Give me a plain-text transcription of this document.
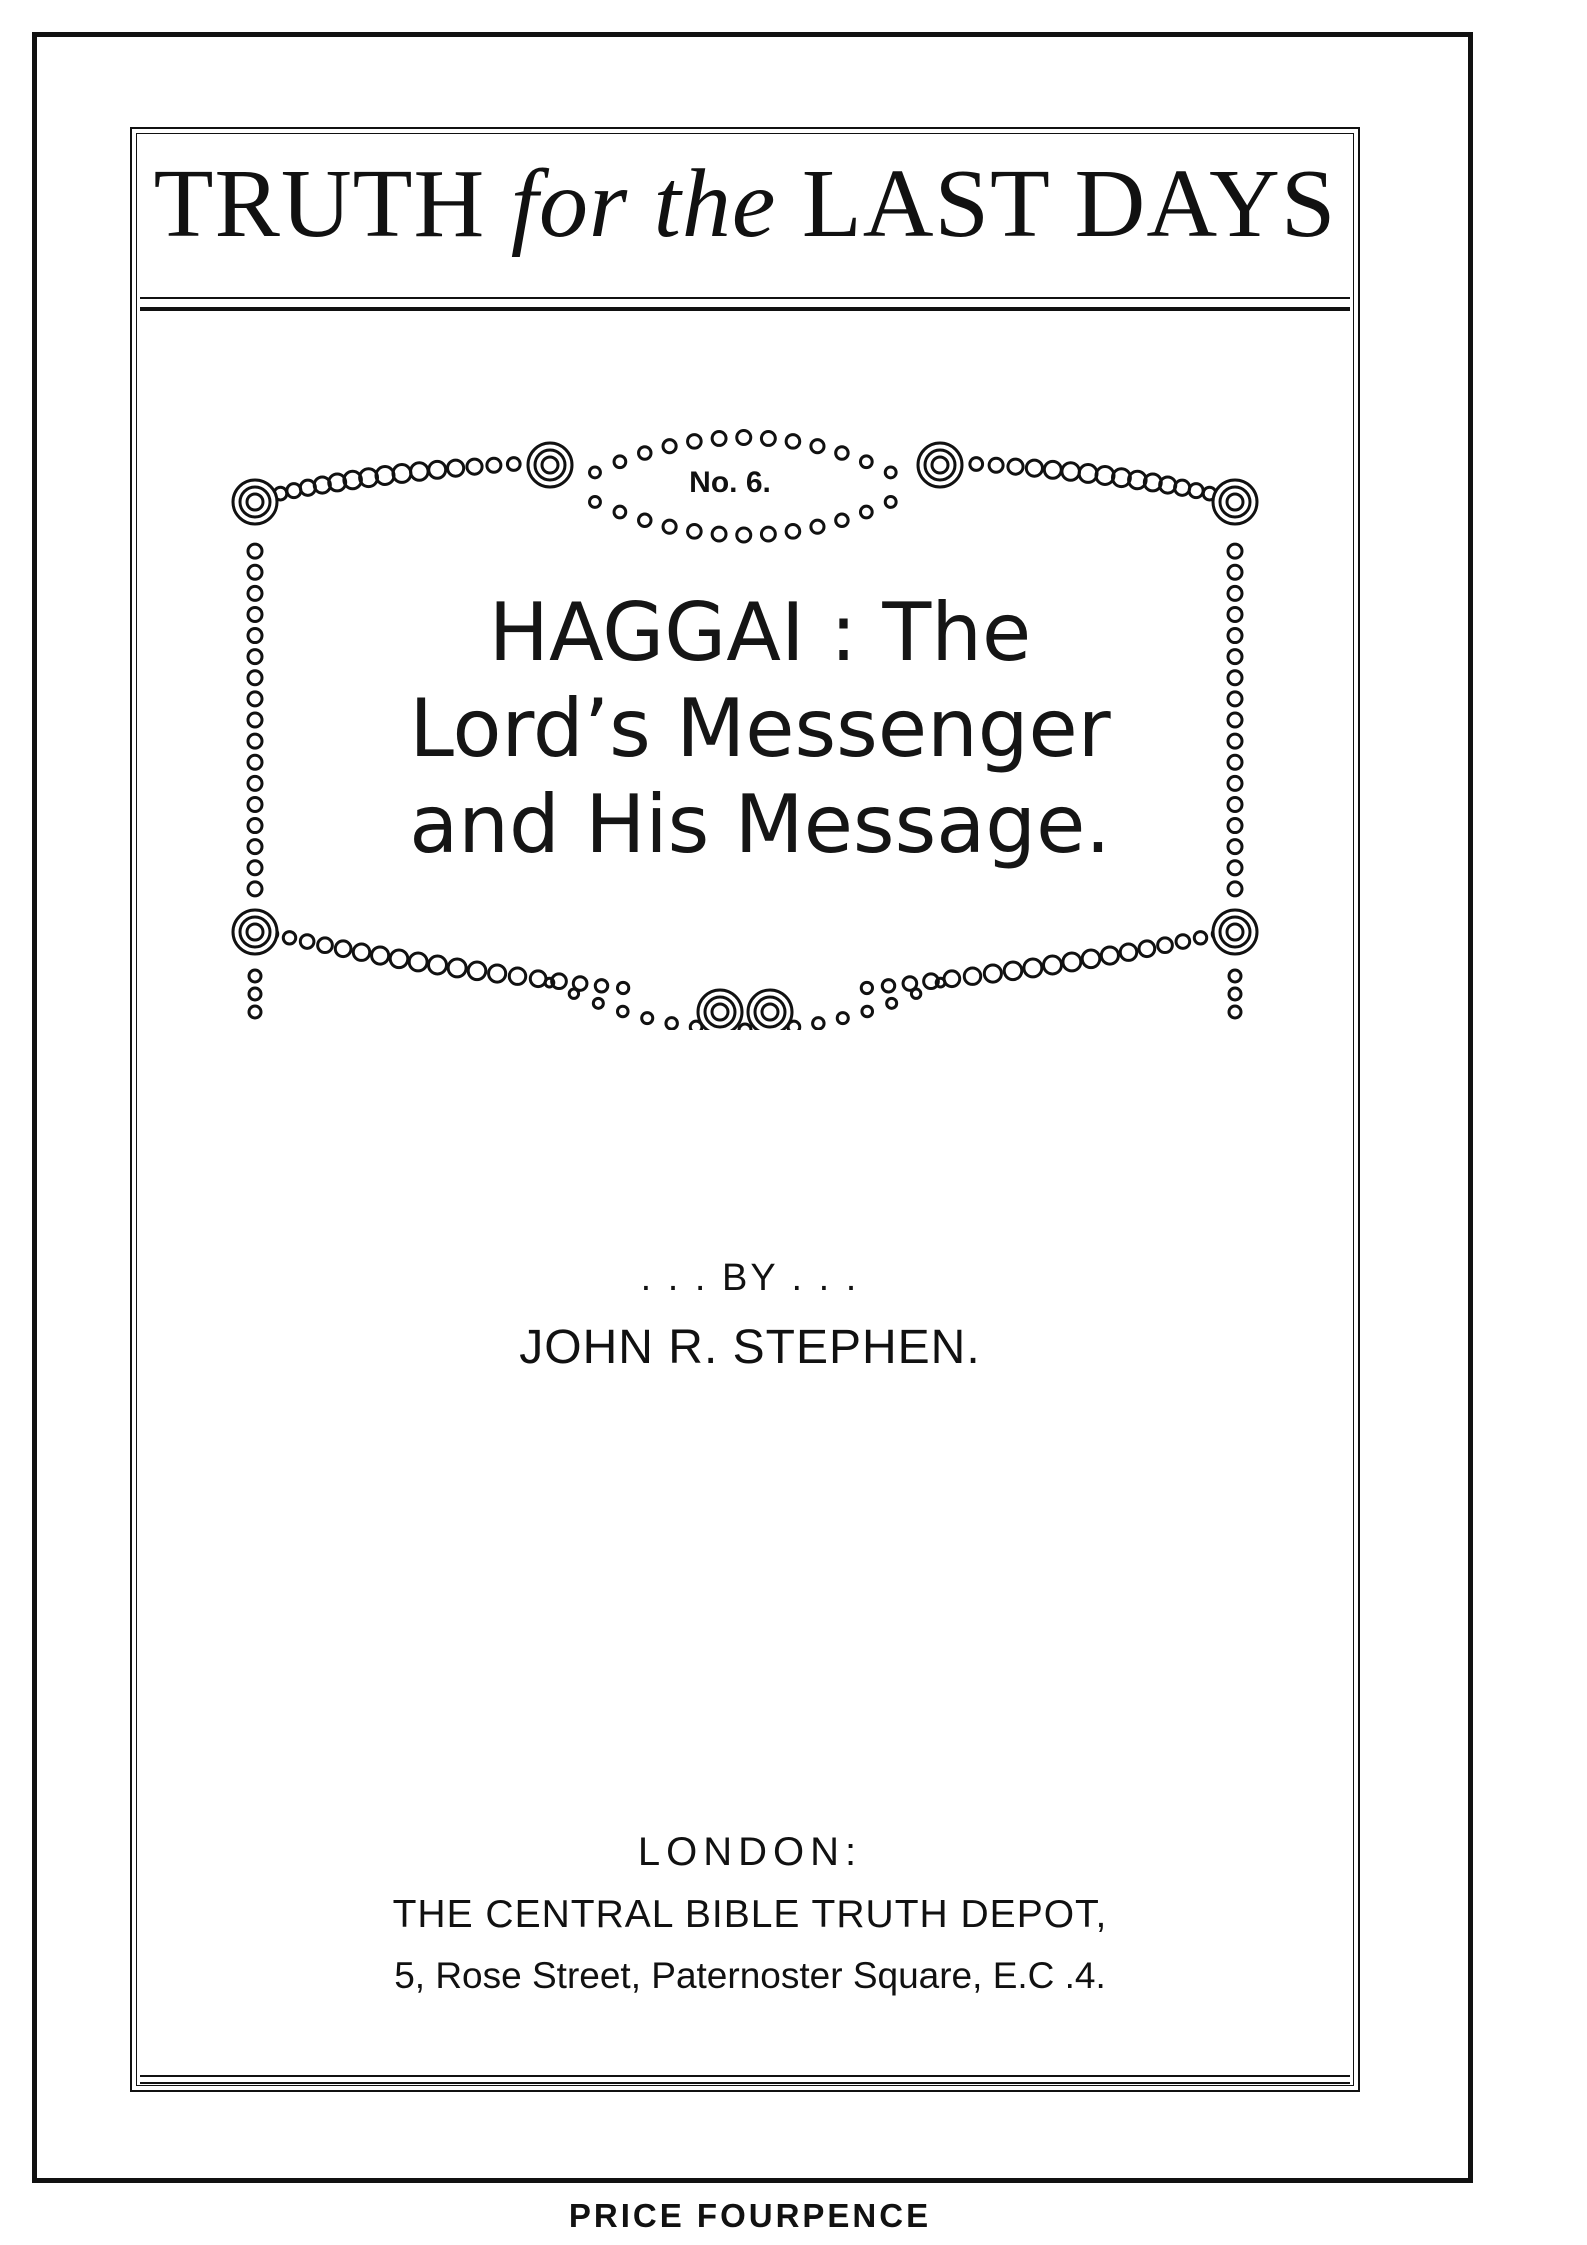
TRUTH for the LAST DAYS
No. 6.
HAGGAI : The
Lord’s Messenger
and His Message.
. . . BY . . .
JOHN R. STEPHEN.
LONDON:
THE CENTRAL BIBLE TRUTH DEPOT,
5, Rose Street, Paternoster Square, E.C .4.
PRICE FOURPENCE
